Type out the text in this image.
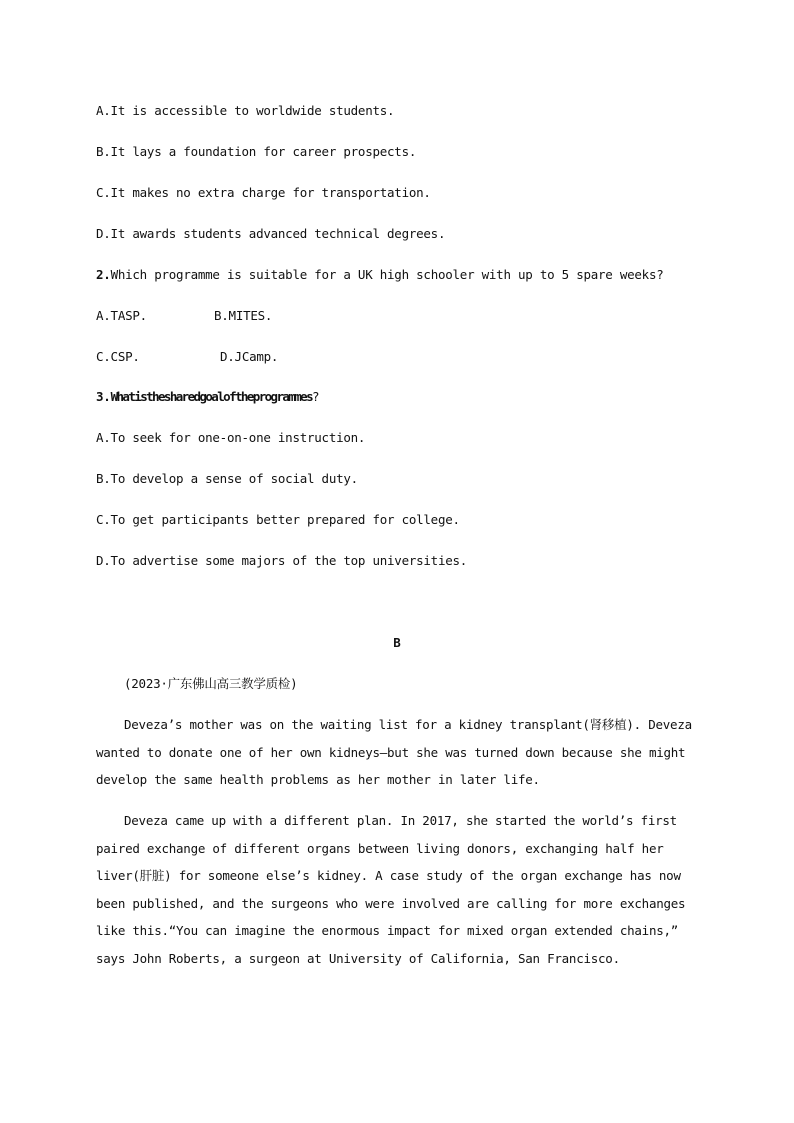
A.It is accessible to worldwide students.
B.It lays a foundation for career prospects.
C.It makes no extra charge for transportation.
D.It awards students advanced technical degrees.
2.Which programme is suitable for a UK high schooler with up to 5 spare weeks?
A.TASP.	B.MITES.
C.CSP.	D.JCamp.
3.Whatisthesharedgoaloftheprogrammes?
A.To seek for one-on-one instruction.
B.To develop a sense of social duty.
C.To get participants better prepared for college.
D.To advertise some majors of the top universities.
B
(2023·广东佛山高三教学质检)
Deveza’s mother was on the waiting list for a kidney transplant(肾移植). Deveza
wanted to donate one of her own kidneys—but she was turned down because she might
develop the same health problems as her mother in later life.
Deveza came up with a different plan. In 2017, she started the world’s first
paired exchange of different organs between living donors, exchanging half her
liver(肝脏) for someone else’s kidney. A case study of the organ exchange has now
been published, and the surgeons who were involved are calling for more exchanges
like this.“You can imagine the enormous impact for mixed organ extended chains,”
says John Roberts, a surgeon at University of California, San Francisco.
